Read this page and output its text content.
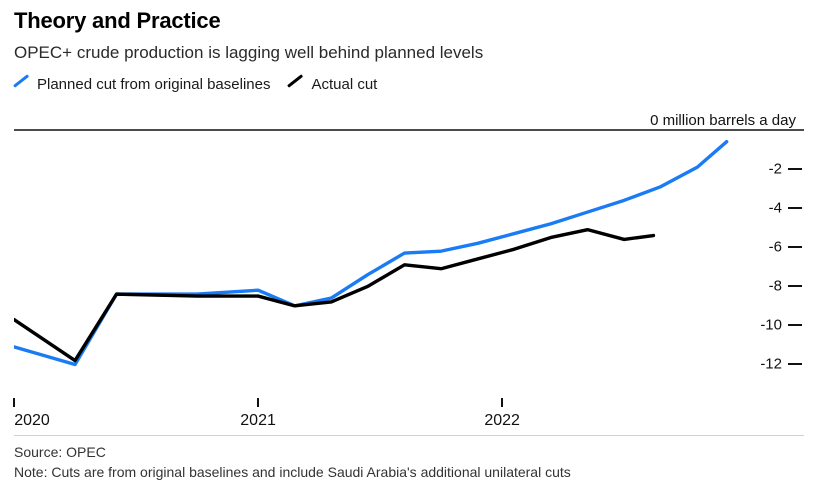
Theory and Practice
OPEC+ crude production is lagging well behind planned levels
Planned cut from original baselines	Actual cut
0 million barrels a day
-2
-4
-6
-8
-10
-12
2020	2021	2022
Source: OPEC
Note: Cuts are from original baselines and include Saudi Arabia's additional unilateral cuts
